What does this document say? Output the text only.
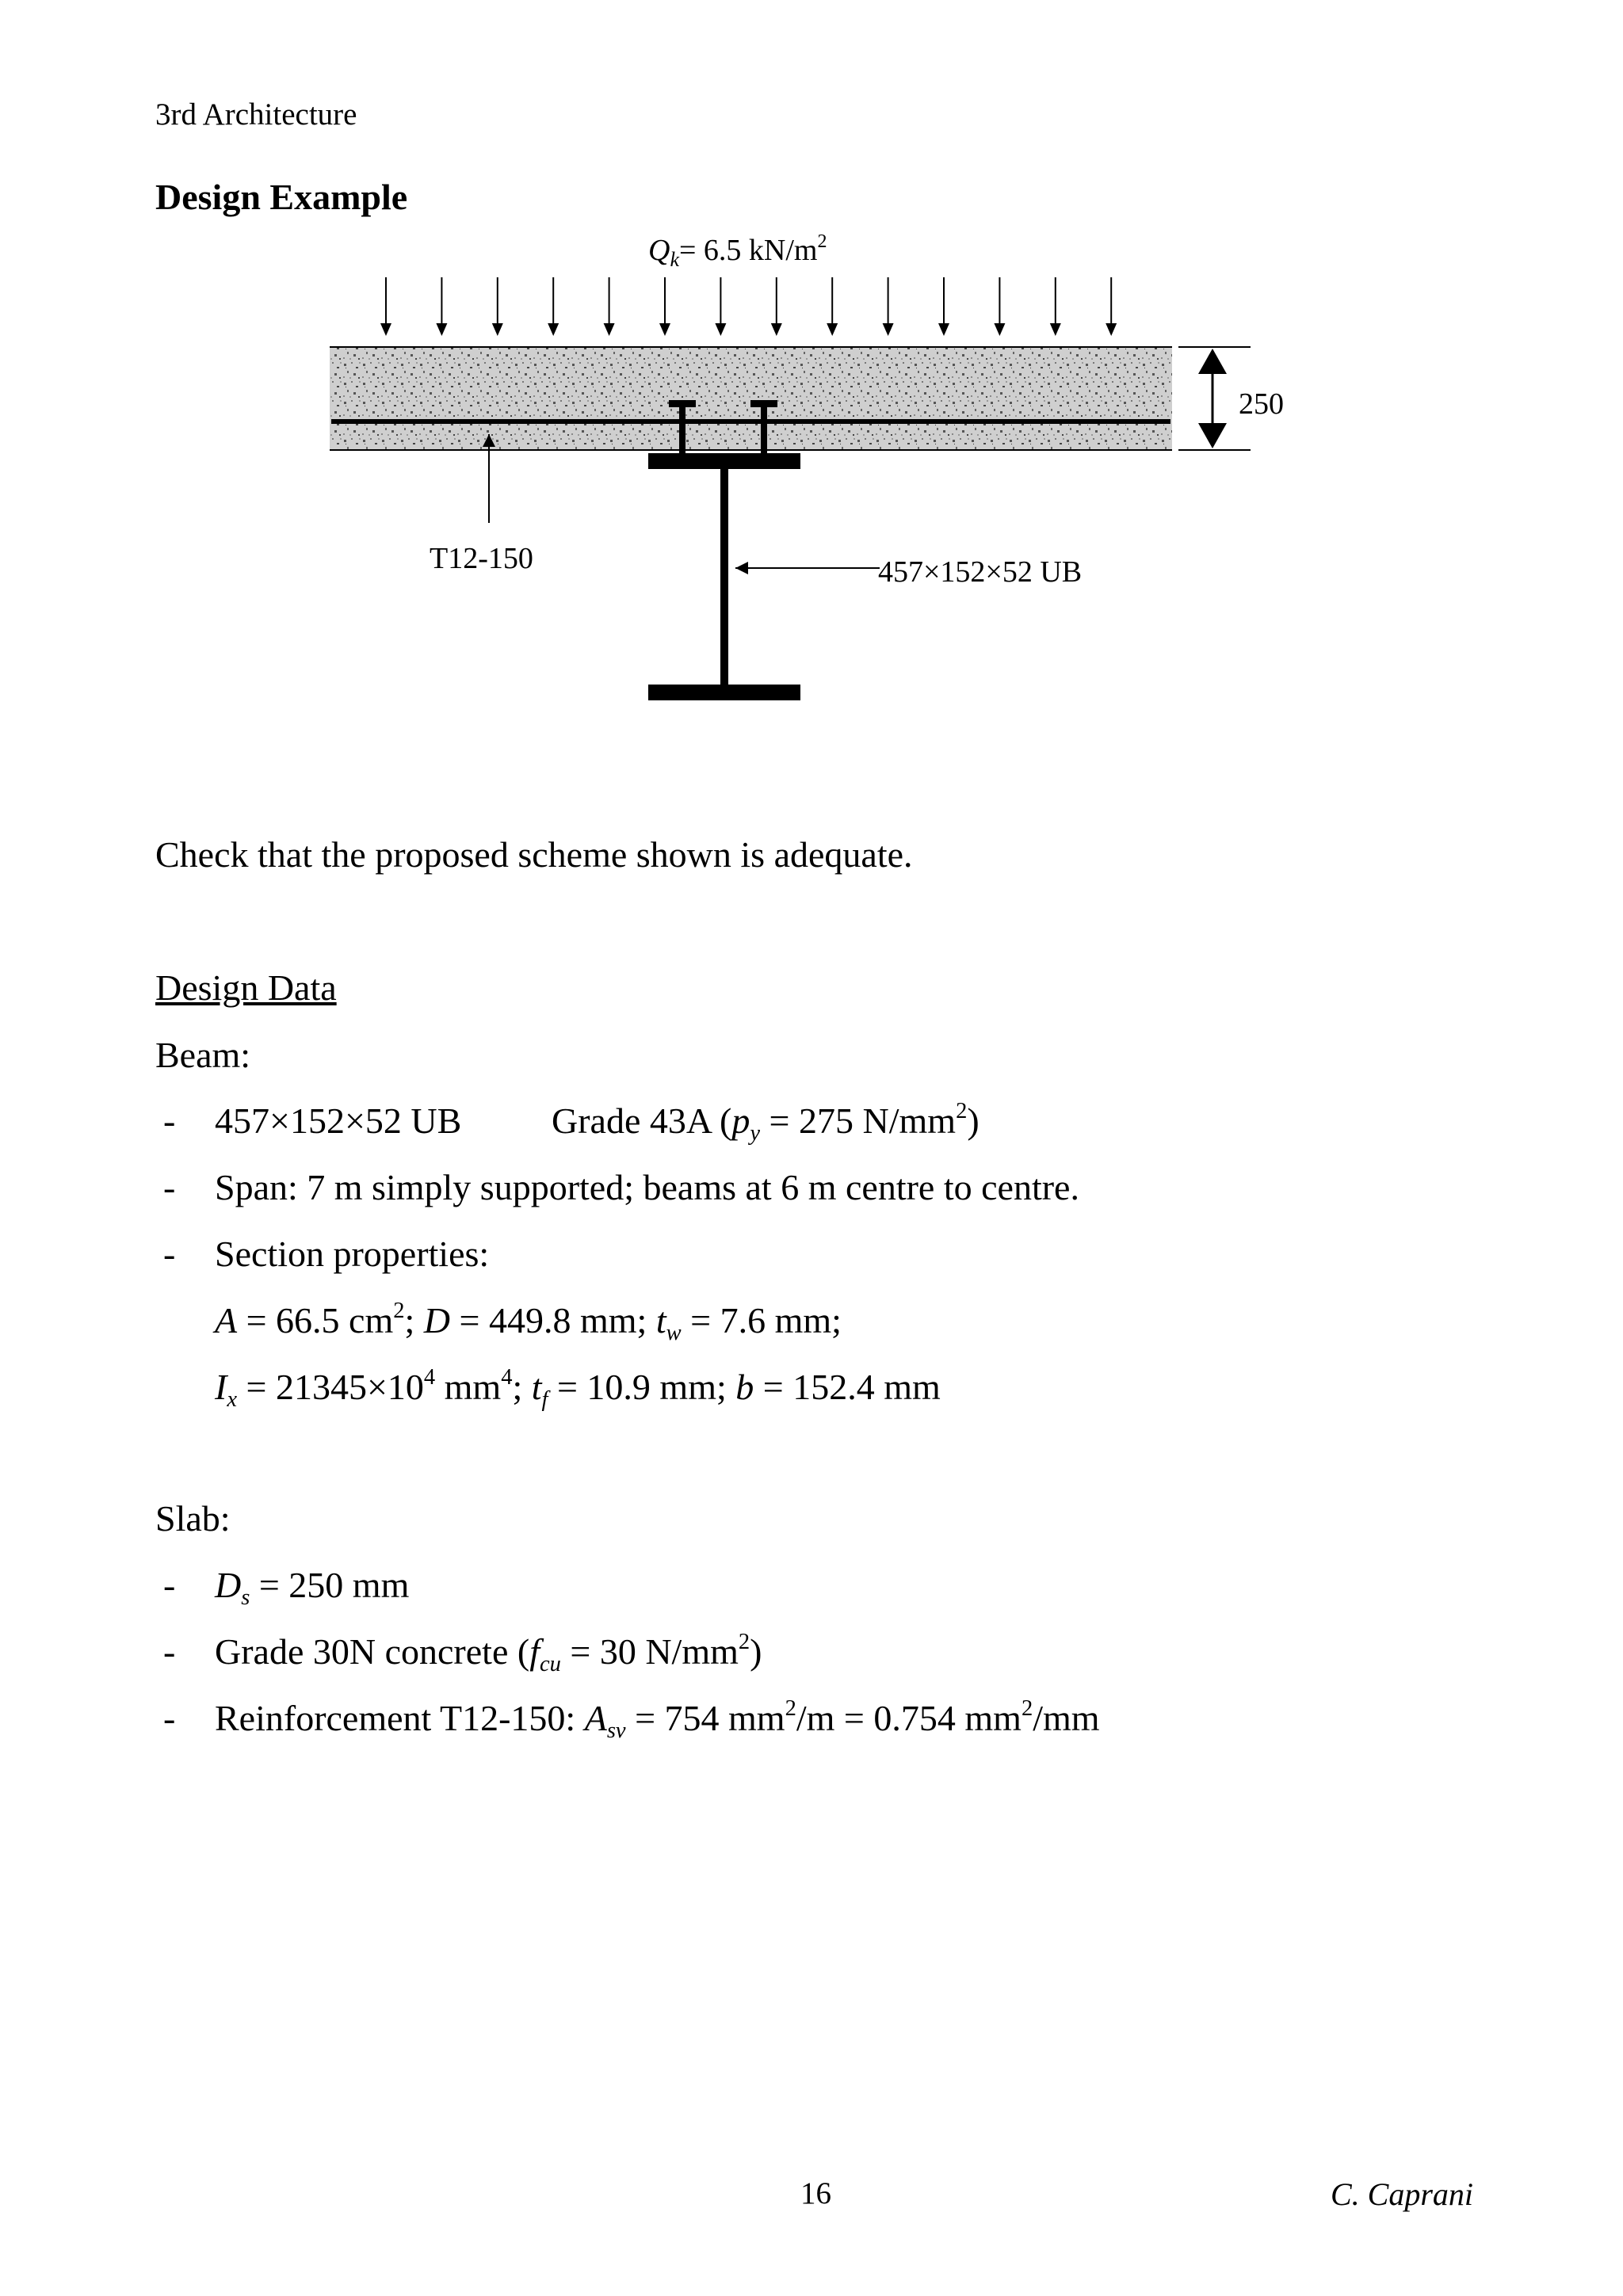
3rd Architecture
Design Example
$Q_k= 6.5$ $kN/m^2$
250
T12-150	457×152×52 UB
Check that the proposed scheme shown is adequate.
Design Data
Beam:
- 457×152×52 UB Grade 43A ($p_y = 275$ $N/mm^2$)
- Span: 7 m simply supported; beams at 6 m centre to centre.
- Section properties:
A = 66.5 $cm^2$; D = 449.8 mm; $t_w = 7.6$ mm;
$I_x = 21345\times 10^4$ $mm^4$; $t_f = 10.9$ mm; b = 152.4 mm
Slab:
- $D_s = 250$ mm
- Grade 30N concrete ($f_{cu} = 30$ $N/mm^2$)
- Reinforcement T12-150: $A_{sv} = 754$ $mm^2/m = 0.754$ $mm^2/mm$
16	C. Caprani
